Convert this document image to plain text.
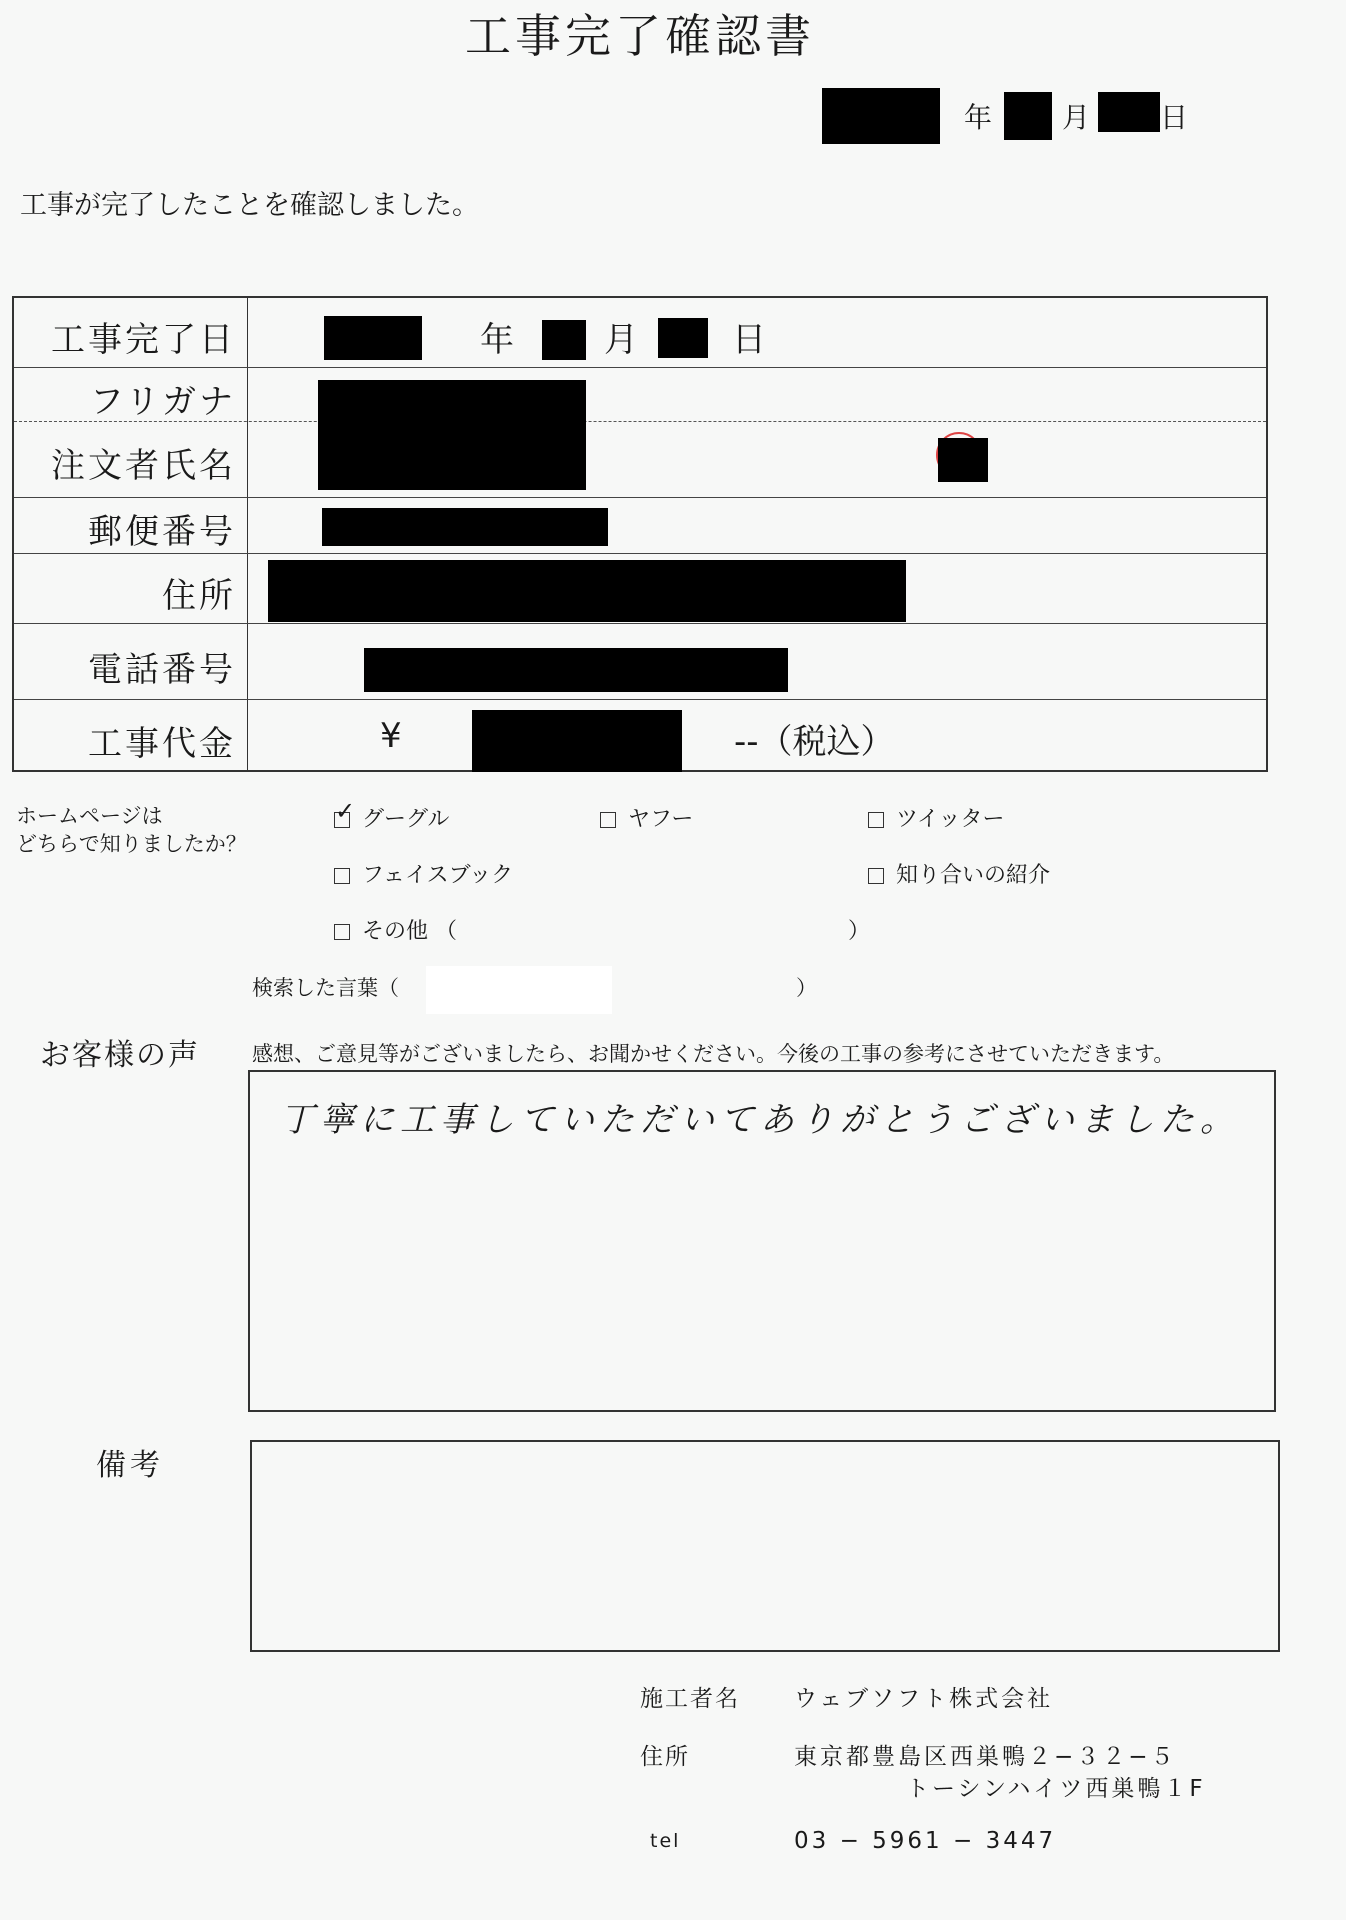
工事完了確認書
年 月 日
工事が完了したことを確認しました。
工事完了日	年	月	日
フリガナ
注文者氏名
郵便番号
住所
電話番号
工事代金	¥	--（税込）
ホームページは
どちらで知りましたか？
✓グーグル	ヤフー	ツイッター
フェイスブック	知り合いの紹介
その他 （	）
検索した言葉（	）
お客様の声 感想、ご意見等がございましたら、お聞かせください。今後の工事の参考にさせていただきます。
丁寧に工事していただいてありがとうございました。
備考
施工者名 ウェブソフト株式会社
住所	東京都豊島区西巣鴨２−３２−５
トーシンハイツ西巣鴨１F
tel	03 − 5961 − 3447
